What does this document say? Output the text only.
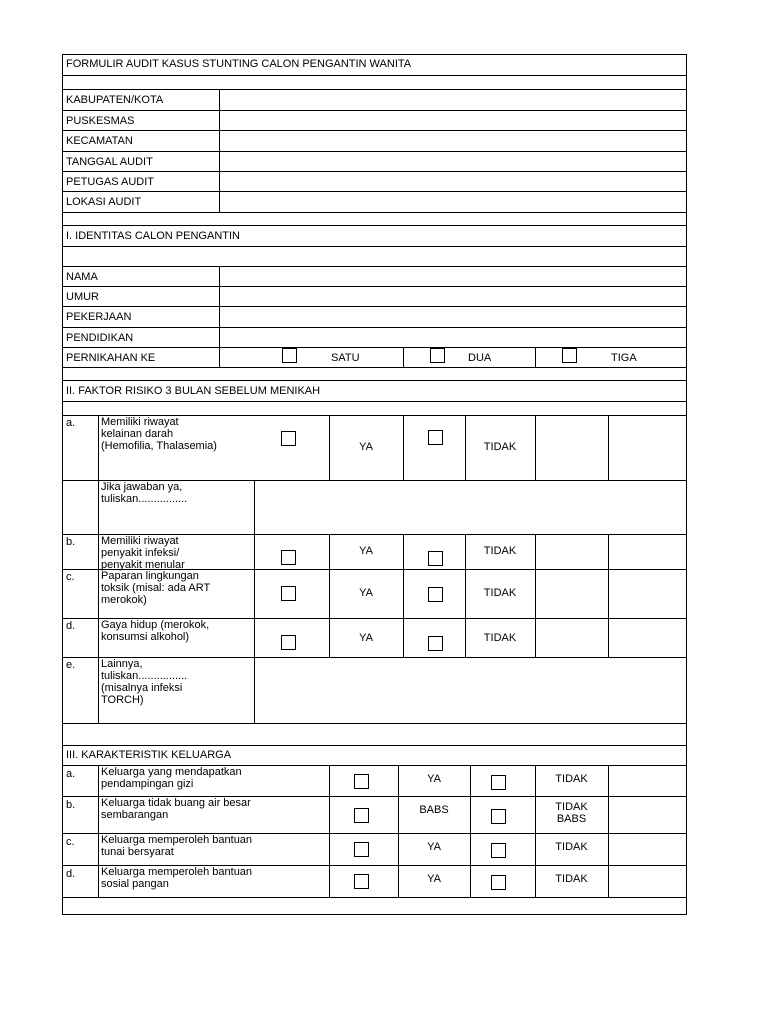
FORMULIR AUDIT KASUS STUNTING CALON PENGANTIN WANITA
KABUPATEN/KOTA
PUSKESMAS
KECAMATAN
TANGGAL AUDIT
PETUGAS AUDIT
LOKASI AUDIT
I. IDENTITAS CALON PENGANTIN
NAMA
UMUR
PEKERJAAN
PENDIDIKAN
PERNIKAHAN KE	SATU	DUA	TIGA
II. FAKTOR RISIKO 3 BULAN SEBELUM MENIKAH
a. Memiliki riwayat
kelainan darah
(Hemofilia, Thalasemia)	YA	TIDAK
Jika jawaban ya,
tuliskan................
b. Memiliki riwayat
penyakit infeksi/
penyakit menular
YA	TIDAK
c. Paparan lingkungan
toksik (misal: ada ART
merokok)
YA	TIDAK
d. Gaya hidup (merokok,
konsumsi alkohol)	YA	TIDAK
e. Lainnya,
tuliskan................
(misalnya infeksi
TORCH)
III. KARAKTERISTIK KELUARGA
a. Keluarga yang mendapatkan
pendampingan gizi	YA	TIDAK
b. Keluarga tidak buang air besar
sembarangan	BABS	TIDAK
BABS
c. Keluarga memperoleh bantuan
tunai bersyarat	YA	TIDAK
d. Keluarga memperoleh bantuan
sosial pangan	YA	TIDAK
